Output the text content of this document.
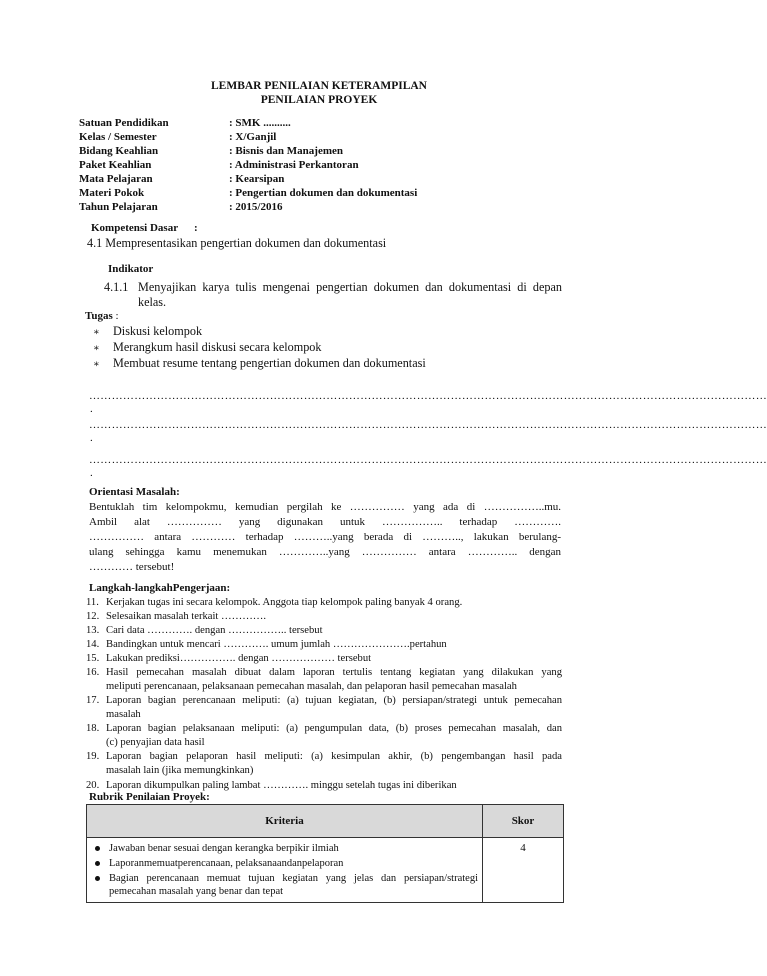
LEMBAR PENILAIAN KETERAMPILAN
PENILAIAN PROYEK
Satuan Pendidikan	: SMK ..........
Kelas / Semester	: X/Ganjil
Bidang Keahlian	: Bisnis dan Manajemen
Paket Keahlian	: Administrasi Perkantoran
Mata Pelajaran	: Kearsipan
Materi Pokok	: Pengertian dokumen dan dokumentasi
Tahun Pelajaran	: 2015/2016
Kompetensi Dasar :
4.1 Mempresentasikan pengertian dokumen dan dokumentasi
Indikator
4.1.1 Menyajikan karya tulis mengenai pengertian dokumen dan dokumentasi di depan
kelas.
Tugas :
∗ Diskusi kelompok
∗ Merangkum hasil diskusi secara kelompok
∗ Membuat resume tentang pengertian dokumen dan dokumentasi
………………………………………………………………………………………………………………………………………………………………
.
………………………………………………………………………………………………………………………………………………………………
.
………………………………………………………………………………………………………………………………………………………………
.
Orientasi Masalah:
Bentuklah tim kelompokmu, kemudian pergilah ke …………… yang ada di ……………..mu.
Ambil alat …………… yang digunakan untuk …………….. terhadap ………….
…………… antara ………… terhadap ………..yang berada di ……….., lakukan berulang-
ulang sehingga kamu menemukan …………..yang …………… antara ………….. dengan
………… tersebut!
Langkah-langkahPengerjaan:
11. Kerjakan tugas ini secara kelompok. Anggota tiap kelompok paling banyak 4 orang.
12. Selesaikan masalah terkait ………….
13. Cari data …………. dengan …………….. tersebut
14. Bandingkan untuk mencari …………. umum jumlah ………………….pertahun
15. Lakukan prediksi……………. dengan ……………… tersebut
16. Hasil pemecahan masalah dibuat dalam laporan tertulis tentang kegiatan yang dilakukan yang
meliputi perencanaan, pelaksanaan pemecahan masalah, dan pelaporan hasil pemecahan masalah
17. Laporan bagian perencanaan meliputi: (a) tujuan kegiatan, (b) persiapan/strategi untuk pemecahan
masalah
18. Laporan bagian pelaksanaan meliputi: (a) pengumpulan data, (b) proses pemecahan masalah, dan
(c) penyajian data hasil
19. Laporan bagian pelaporan hasil meliputi: (a) kesimpulan akhir, (b) pengembangan hasil pada
masalah lain (jika memungkinkan)
20. Laporan dikumpulkan paling lambat …………. minggu setelah tugas ini diberikan
Rubrik Penilaian Proyek:
Kriteria	Skor

Jawaban benar sesuai dengan kerangka berpikir ilmiah
Laporanmemuatperencanaan, pelaksanaandanpelaporan
Bagian perencanaan memuat tujuan kegiatan yang jelas dan persiapan/strategi pemecahan masalah yang benar dan tepat	4
